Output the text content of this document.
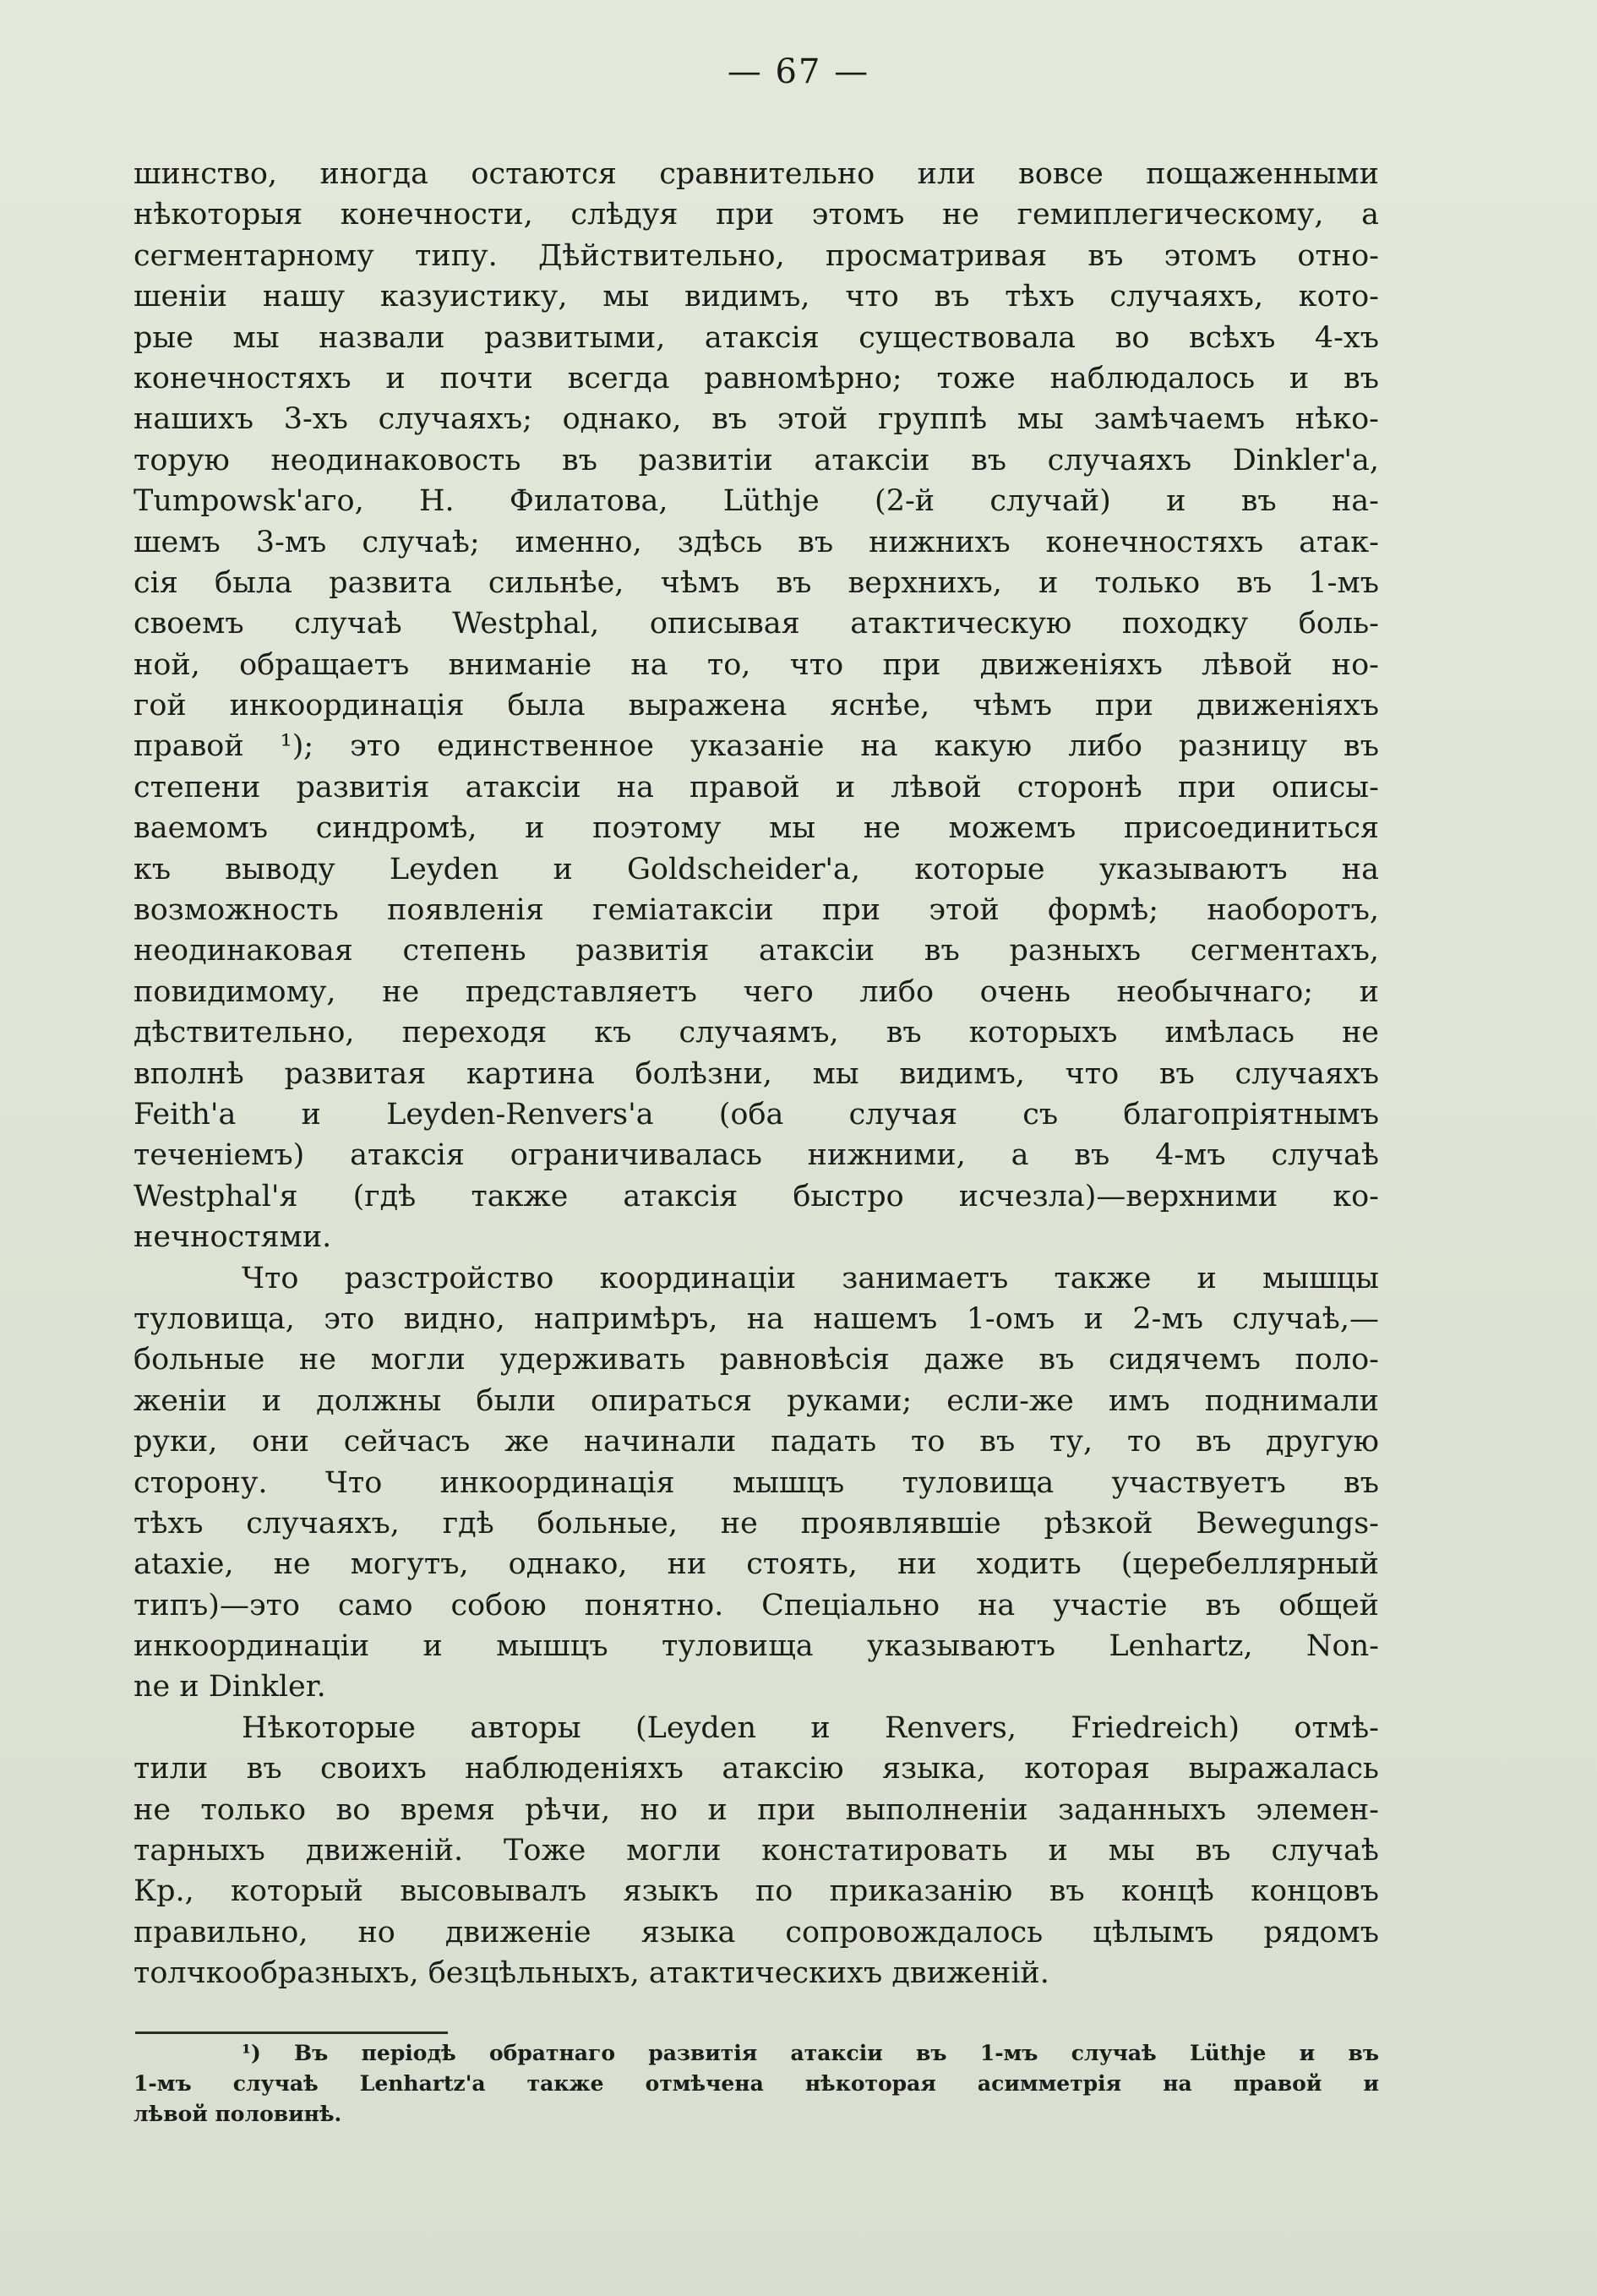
— 67 —
шинство, иногда остаются сравнительно или вовсе пощаженными
нѣкоторыя конечности, слѣдуя при этомъ не гемиплегическому, а
сегментарному типу. Дѣйствительно, просматривая въ этомъ отно-
шеніи нашу казуистику, мы видимъ, что въ тѣхъ случаяхъ, кото-
рые мы назвали развитыми, атаксія существовала во всѣхъ 4-хъ
конечностяхъ и почти всегда равномѣрно; тоже наблюдалось и въ
нашихъ 3-хъ случаяхъ; однако, въ этой группѣ мы замѣчаемъ нѣко-
торую неодинаковость въ развитіи атаксіи въ случаяхъ Dinkler'а,
Tumpowsk'аго, Н. Филатова, Lüthje (2-й случай) и въ на-
шемъ 3-мъ случаѣ; именно, здѣсь въ нижнихъ конечностяхъ атак-
сія была развита сильнѣе, чѣмъ въ верхнихъ, и только въ 1-мъ
своемъ случаѣ Westphal, описывая атактическую походку боль-
ной, обращаетъ вниманіе на то, что при движеніяхъ лѣвой но-
гой инкоординація была выражена яснѣе, чѣмъ при движеніяхъ
правой ¹); это единственное указаніе на какую либо разницу въ
степени развитія атаксіи на правой и лѣвой сторонѣ при описы-
ваемомъ синдромѣ, и поэтому мы не можемъ присоединиться
къ выводу Leyden и Goldscheider'а, которые указываютъ на
возможность появленія геміатаксіи при этой формѣ; наоборотъ,
неодинаковая степень развитія атаксіи въ разныхъ сегментахъ,
повидимому, не представляетъ чего либо очень необычнаго; и
дѣствительно, переходя къ случаямъ, въ которыхъ имѣлась не
вполнѣ развитая картина болѣзни, мы видимъ, что въ случаяхъ
Feith'а и Leyden-Renvers'а (оба случая съ благопріятнымъ
теченіемъ) атаксія ограничивалась нижними, а въ 4-мъ случаѣ
Westphal'я (гдѣ также атаксія быстро исчезла)—верхними ко-
нечностями.
Что разстройство координаціи занимаетъ также и мышцы
туловища, это видно, напримѣръ, на нашемъ 1-омъ и 2-мъ случаѣ,—
больные не могли удерживать равновѣсія даже въ сидячемъ поло-
женіи и должны были опираться руками; если-же имъ поднимали
руки, они сейчасъ же начинали падать то въ ту, то въ другую
сторону. Что инкоординація мышцъ туловища участвуетъ въ
тѣхъ случаяхъ, гдѣ больные, не проявлявшіе рѣзкой Bewegungs-
ataxie, не могутъ, однако, ни стоять, ни ходить (церебеллярный
типъ)—это само собою понятно. Спеціально на участіе въ общей
инкоординаціи и мышцъ туловища указываютъ Lenhartz, Non-
ne и Dinkler.
Нѣкоторые авторы (Leyden и Renvers, Friedreich) отмѣ-
тили въ своихъ наблюденіяхъ атаксію языка, которая выражалась
не только во время рѣчи, но и при выполненіи заданныхъ элемен-
тарныхъ движеній. Тоже могли констатировать и мы въ случаѣ
Кр., который высовывалъ языкъ по приказанію въ концѣ концовъ
правильно, но движеніе языка сопровождалось цѣлымъ рядомъ
толчкообразныхъ, безцѣльныхъ, атактическихъ движеній.
¹) Въ періодѣ обратнаго развитія атаксіи въ 1-мъ случаѣ Lüthje и въ
1-мъ случаѣ Lenhartz'а также отмѣчена нѣкоторая асимметрія на правой и
лѣвой половинѣ.
